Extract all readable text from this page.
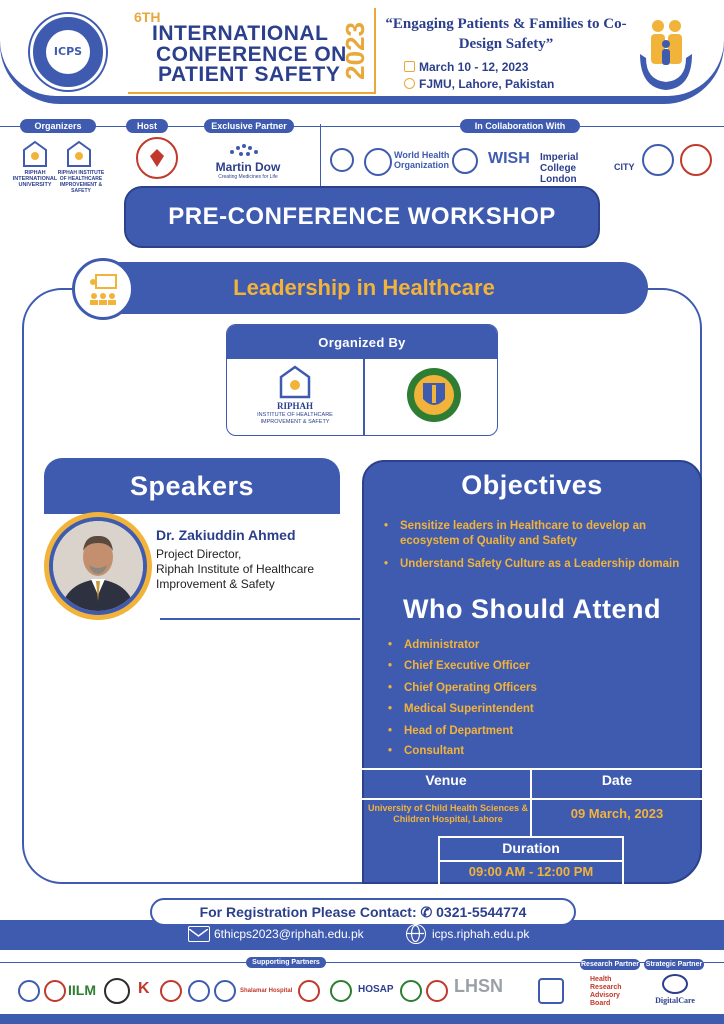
ICPS
6TH
INTERNATIONAL
CONFERENCE ON
PATIENT SAFETY 2023 “Engaging Patients & Families to Co-Design Safety”
March 10 - 12, 2023
FJMU, Lahore, Pakistan
Organizers	Host	Exclusive Partner	In Collaboration With
RIPHAH INTERNATIONAL UNIVERSITY
RIPHAH INSTITUTE OF HEALTHCARE IMPROVEMENT & SAFETY
Martin Dow
Creating Medicines for Life
World Health Organization	WISH Imperial College London
CITY
PRE-CONFERENCE WORKSHOP
Leadership in Healthcare
Organized By
RIPHAH
INSTITUTE OF HEALTHCARE IMPROVEMENT & SAFETY
Speakers
Dr. Zakiuddin Ahmed
Project Director,
Riphah Institute of Healthcare
Improvement & Safety
Objectives
• Sensitize leaders in Healthcare to develop an ecosystem of Quality and Safety
• Understand Safety Culture as a Leadership domain
Who Should Attend
• Administrator
• Chief Executive Officer
• Chief Operating Officers
• Medical Superintendent
• Head of Department
• Consultant
Venue	Date
University of Child Health Sciences & Children Hospital, Lahore	09 March, 2023
Duration
09:00 AM - 12:00 PM
For Registration Please Contact: ✆ 0321-5544774
6thicps2023@riphah.edu.pk	icps.riphah.edu.pk
Supporting Partners	Research Partner Strategic Partner
IILM	K	Shalamar Hospital	HOSAP	LHSN	Health Research Advisory Board	DigitalCare
